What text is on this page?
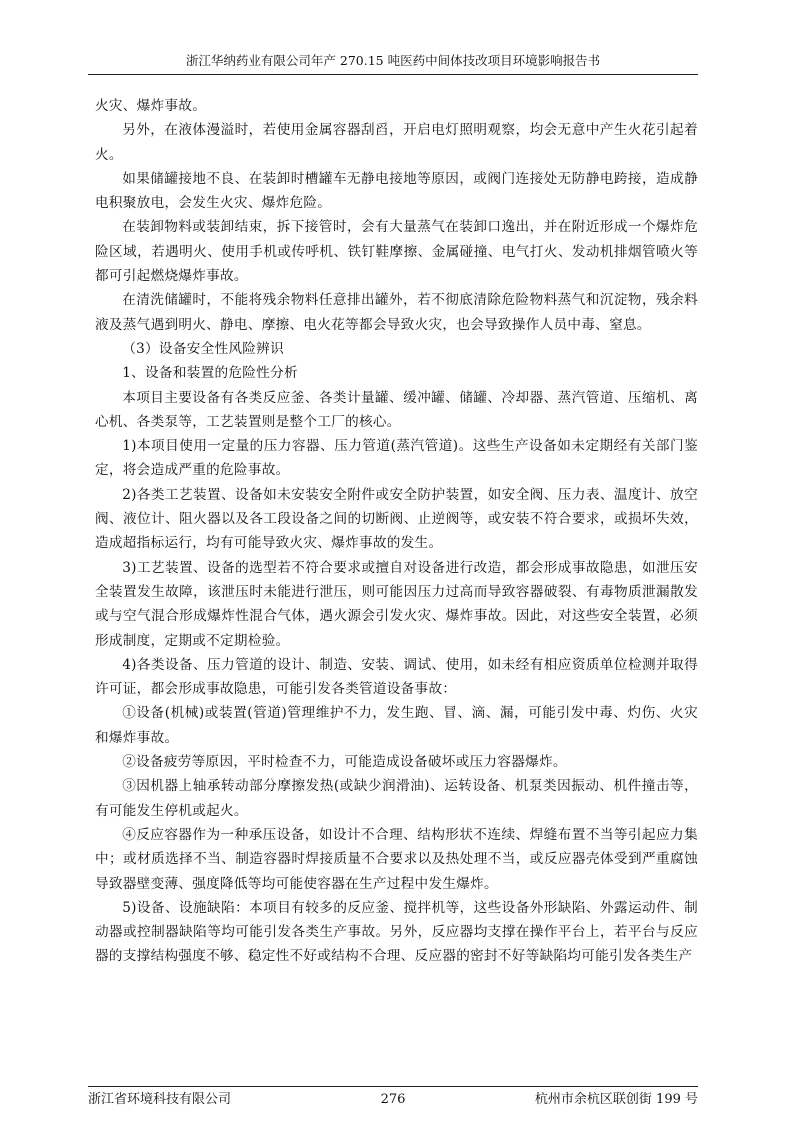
浙江华纳药业有限公司年产 270.15 吨医药中间体技改项目环境影响报告书

火灾、爆炸事故。

另外，在液体漫溢时，若使用金属容器刮舀，开启电灯照明观察，均会无意中产生火花引起着火。

如果储罐接地不良、在装卸时槽罐车无静电接地等原因，或阀门连接处无防静电跨接，造成静电积聚放电，会发生火灾、爆炸危险。

在装卸物料或装卸结束，拆下接管时，会有大量蒸气在装卸口逸出，并在附近形成一个爆炸危险区域，若遇明火、使用手机或传呼机、铁钉鞋摩擦、金属碰撞、电气打火、发动机排烟管喷火等都可引起燃烧爆炸事故。

在清洗储罐时，不能将残余物料任意排出罐外，若不彻底清除危险物料蒸气和沉淀物，残余料液及蒸气遇到明火、静电、摩擦、电火花等都会导致火灾，也会导致操作人员中毒、窒息。

（3）设备安全性风险辨识

1、设备和装置的危险性分析

本项目主要设备有各类反应釜、各类计量罐、缓冲罐、储罐、冷却器、蒸汽管道、压缩机、离心机、各类泵等，工艺装置则是整个工厂的核心。

1)本项目使用一定量的压力容器、压力管道(蒸汽管道)。这些生产设备如未定期经有关部门鉴定，将会造成严重的危险事故。

2)各类工艺装置、设备如未安装安全附件或安全防护装置，如安全阀、压力表、温度计、放空阀、液位计、阻火器以及各工段设备之间的切断阀、止逆阀等，或安装不符合要求，或损坏失效，造成超指标运行，均有可能导致火灾、爆炸事故的发生。

3)工艺装置、设备的选型若不符合要求或擅自对设备进行改造，都会形成事故隐患，如泄压安全装置发生故障，该泄压时未能进行泄压，则可能因压力过高而导致容器破裂、有毒物质泄漏散发或与空气混合形成爆炸性混合气体，遇火源会引发火灾、爆炸事故。因此，对这些安全装置，必须形成制度，定期或不定期检验。

4)各类设备、压力管道的设计、制造、安装、调试、使用，如未经有相应资质单位检测并取得许可证，都会形成事故隐患，可能引发各类管道设备事故：

①设备(机械)或装置(管道)管理维护不力，发生跑、冒、滴、漏，可能引发中毒、灼伤、火灾和爆炸事故。

②设备疲劳等原因，平时检查不力，可能造成设备破坏或压力容器爆炸。

③因机器上轴承转动部分摩擦发热(或缺少润滑油)、运转设备、机泵类因振动、机件撞击等，有可能发生停机或起火。

④反应容器作为一种承压设备，如设计不合理、结构形状不连续、焊缝布置不当等引起应力集中；或材质选择不当、制造容器时焊接质量不合要求以及热处理不当，或反应器壳体受到严重腐蚀导致器壁变薄、强度降低等均可能使容器在生产过程中发生爆炸。

5)设备、设施缺陷：本项目有较多的反应釜、搅拌机等，这些设备外形缺陷、外露运动件、制动器或控制器缺陷等均可能引发各类生产事故。另外，反应器均支撑在操作平台上，若平台与反应器的支撑结构强度不够、稳定性不好或结构不合理、反应器的密封不好等缺陷均可能引发各类生产

浙江省环境科技有限公司	276	杭州市余杭区联创街 199 号
